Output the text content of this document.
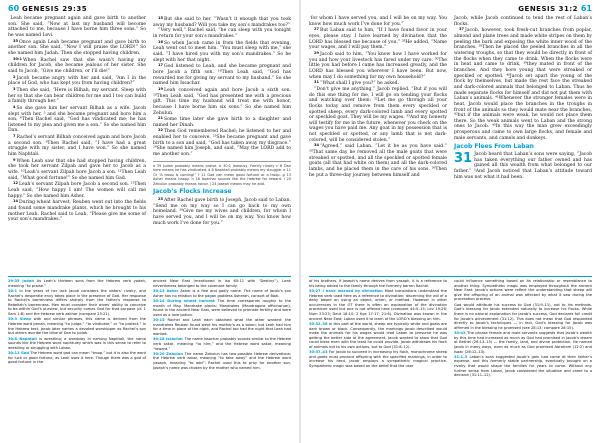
60 GENESIS 29:35

Leah became pregnant again and gave birth to another son. She said, “Now at last my husband will become attached to me, because I have borne him three sons.” So he was named Levi.

$^{35}$Once again Leah became pregnant and gave birth to another son. She said, “Now I will praise the LORD!” So she named him Judah. Then she stopped having children.

$^{30:1}$When Rachel saw that she wasn’t having any children for Jacob, she became jealous of her sister. She said to Jacob, “Give me children, or I’ll die!”

$^2$Jacob became angry with her and said, “Am I in the place of God, who has kept you from having children?”

$^3$Then she said, “Here is Bilhah, my servant. Sleep with her so that she can bear children for me and I too can build a family through her.”

$^4$So she gave him her servant Bilhah as a wife. Jacob slept with her, ⁵ and she became pregnant and bore him a son. ⁶Then Rachel said, “God has vindicated me; he has listened to my plea and given me a son.” So she named him Dan.

$^7$Rachel’s servant Bilhah conceived again and bore Jacob a second son. ⁸Then Rachel said, “I have had a great struggle with my sister, and I have won.” So she named him Naphtali.

$^9$When Leah saw that she had stopped having children, she took her servant Zilpah and gave her to Jacob as a wife. ¹⁰Leah’s servant Zilpah bore Jacob a son. ¹¹Then Leah said, “What good fortune!” So she named him Gad.

$^{12}$Leah’s servant Zilpah bore Jacob a second son. ¹³Then Leah said, “How happy I am! The women will call me happy.” So she named him Asher.

$^{14}$During wheat harvest, Reuben went out into the fields and found some mandrake plants, which he brought to his mother Leah. Rachel said to Leah, “Please give me some of your son’s mandrakes.”

$^{15}$But she said to her, “Wasn’t it enough that you took away my husband? Will you take my son’s mandrakes too?”

“Very well,” Rachel said, “he can sleep with you tonight in return for your son’s mandrakes.”

$^{16}$So when Jacob came in from the fields that evening, Leah went out to meet him. “You must sleep with me,” she said. “I have hired you with my son’s mandrakes.” So he slept with her that night.

$^{17}$God listened to Leah, and she became pregnant and bore Jacob a fifth son. ¹⁸Then Leah said, “God has rewarded me for giving my servant to my husband.” So she named him Issachar.

$^{19}$Leah conceived again and bore Jacob a sixth son. ²⁰Then Leah said, “God has presented me with a precious gift. This time my husband will treat me with honor, because I have borne him six sons.” So she named him Zebulun.

$^{21}$Some time later she gave birth to a daughter and named her Dinah.

$^{22}$Then God remembered Rachel; he listened to her and enabled her to conceive. ²³She became pregnant and gave birth to a son and said, “God has taken away my disgrace.” ²⁴She named him Joseph, and said, “May the LORD add to me another son.”

a 35 Judah probably means praise. b 30:1 Jealousy, Family rivalry c 6 Dan here means he has vindicated. d 8 Naphtali probably means my struggle. e 11 Or “A troop is coming!” f 11 Gad can mean good fortune or a troop. g 13 Asher means happy. h 18 Issachar sounds like the Hebrew for reward. i 20 Zebulun probably means honor. j 24 Joseph means may he add.
Jacob’s Flocks Increase

$^{25}$After Rachel gave birth to Joseph, Jacob said to Laban, “Send me on my way so I can go back to my own homeland. ²⁶Give me my wives and children, for whom I have served you, and I will be on my way. You know how much work I’ve done for you.”

29:35 Judah As Leah’s thirteen sons from the Hebrew verb yadah, meaning “to praise.”

30:1 In the years of her lack Jacob considers the sisters’ rivalry, and Rachel’s desperate envy takes place in the presence of God. Her response to Rachel’s barrenness differs sharply from the father’s response to Rebekah’s barrenness. Men must consider their wives’ ability to conceive to be within God’s purview, but security comes God for that purpose (cf. 1 Sam 1:8) and the Hebrew verb zakhar (compare 25:21).

30:3 Sleep with and similar phrases, this name is derived from the Hebrew word penah, meaning “to judge,” “to vindicate,” or “to protect.” In the Hebrew text, Jacob later names a devoted worshipper as Rachel’s son but others ascribe the tribe of Dan to Judah.

30:8 Naphtali is wrestling; a wordplay in naming Naphtali, the name sounds like the Hebrew word naphtuley which was in this sense to refer to wrestling or struggling with Laban.

30:11 Gad The Hebrew word gad can mean “troop,” but it is also the word for luck or good fortune, as Leah uses it here. Though there was a god of good fortune in the

ancient Near East (mentioned in Isa 65:11 with “Destiny”), Leah nevertheless belonged to the covenant family.

30:13 Asher Asher is a fine and godly name. The name of Jacob’s son Asher has no relation to the pagan goddess Asherah, consort of Baal.

30:14 During wheat harvest The time corresponds roughly to the month of May. Mandrake plants: Mandrakes (Mandragora officinarum), found in the ancient Near East, were believed to promote fertility and were used as a love potion.

30:15 Rachel and Leah each obtained what the other wanted: the mandrakes Reuben found were his mother’s as a token; but Leah had him for a time in place of the night, and Rachel too had the night that Leah had wanted.

30:18 Issachar The name Issachar probably sounds similar to the Hebrew verb sakar, meaning “to hire,” and the Hebrew word sakar, meaning “reward.”

30:20 Zebulun The name Zebulun has two possible Hebrew derivations: the Hebrew verb zabal, meaning “to take away” and the Hebrew word yasaph, meaning “to add”; Rachel used this to pray for another son. Joseph’s name was chosen by the mother who named him.

GENESIS 31:2 61

for whom I have served you, and I will be on my way. You know how much work I’ve done for you.”

$^{27}$But Laban said to him, “If I have found favor in your eyes, please stay. I have learned by divination that the LORD has blessed me because of you.” ²⁸He added, “Name your wages, and I will pay them.”

$^{29}$Jacob said to him, “You know how I have worked for you and how your livestock has fared under my care. ³⁰The little you had before I came has increased greatly, and the LORD has blessed you wherever I have been. But now, when may I do something for my own household?”

$^{31}$“What shall I give you?” he asked.

“Don’t give me anything,” Jacob replied. “But if you will do this one thing for me, I will go on tending your flocks and watching over them: ³²Let me go through all your flocks today and remove from them every speckled or spotted sheep, every dark-colored lamb and every spotted or speckled goat. They will be my wages. ³³And my honesty will testify for me in the future, whenever you check on the wages you have paid me. Any goat in my possession that is not speckled or spotted, or any lamb that is not dark-colored, will be considered stolen.”

$^{34}$“Agreed,” said Laban. “Let it be as you have said.” ³⁵That same day he removed all the male goats that were streaked or spotted, and all the speckled or spotted female goats (all that had white on them) and all the dark-colored lambs, and he placed them in the care of his sons. ³⁶Then he put a three-day journey between himself and

Jacob, while Jacob continued to tend the rest of Laban’s flocks.

$^{37}$Jacob, however, took fresh-cut branches from poplar, almond and plane trees and made white stripes on them by peeling the bark and exposing the white inner wood of the branches. ³⁸Then he placed the peeled branches in all the watering troughs, so that they would be directly in front of the flocks when they came to drink. When the flocks were in heat and came to drink, ³⁹they mated in front of the branches. And they bore young that were streaked or speckled or spotted. ⁴⁰Jacob set apart the young of the flock by themselves, but made the rest face the streaked and dark-colored animals that belonged to Laban. Thus he made separate flocks for himself and did not put them with Laban’s animals. ⁴¹Whenever the stronger females were in heat, Jacob would place the branches in the troughs in front of the animals so they would mate near the branches, ⁴²but if the animals were weak, he would not place them there. So the weak animals went to Laban and the strong ones to Jacob. ⁴³In this way the man grew exceedingly prosperous and came to own large flocks, and female and male servants, and camels and donkeys.

Jacob Flees From Laban
31 Jacob heard that Laban’s sons were saying, “Jacob has taken everything our father owned and has gained all this wealth from what belonged to our father.” ²And Jacob noticed that Laban’s attitude toward him was not what it had been.

of his brothers. If Joseph’s name derives from yasaph, it is a reference to his being added to the family through the formerly barren Rachel.

30:27 I have learned by divination Most translations understand the Hebrew verb used here as a reference to divination: discerning the will of a deity based on using an object, omen, or method. However in other occurrences in the OT there is often an explanation of the divination procedure used but one is not offered here (compare 44:5–15; Lev 19:26; Num 23:23; Deut 18:10; 2 Kgs 17:17; 21:6). Divination was known in the ancient Near East; Laban used it to learn of the LORD’s blessing on him.

30:32–36 In this part of the world, sheep are typically white and goats are dark brown or black. Consequently, the markings Jacob described would make the animals for his wages would lead Laban to presume he was getting the better side of the agreement. Jacob wanted to show that God could bless even with the least he could provide. Jacob withdraws his flock of animals not to his own actions, but to God (31:8–12).

30:37–43 For Jacob to succeed in increasing his flock, monochrome sheep and goats must produce offspring with the specified markings, in order to increase his herd. Jacob employs a sympathetic magical practice. Sympathetic magic was based on the belief that the user

could influence something based on its relationship or resemblance to another thing. Sympathetic magic was employed throughout the ancient Near East. Jacob’s actions were reflect the understanding that sheep will give the offspring of an animal was affected by what it saw during the procreation process.

God would attribute his success to God (31:9–11), not to his methods. God’s blessing for Jacob extended naturally to increase his flocks. While there is no natural explanation for Jacob’s success, God declares full credit for Jacob’s achievement (31:12). This does not mean that God responded directly to Jacob’s techniques — in fact, God’s blessing for Jacob was affirmed in the blessing he promised (see 28:13; compare 28:15).

30:43 The phrase female and male servants suggests that Jacob’s wealth by this time had increased as much as God had promised in Jacob’s dream at Bethel (28:13–15) — the family, land, and divine protection. He named Jacob in many ways, even as much as God promised Abraham (12:2) and Isaac (26:12–13).

31:1–3 Laban’s sons suggested Jacob’s gain had come at their father’s expense, and this formerly stable partnership, eventually brought on a rivalry that would shape the families for years to come. Without any further sense from Laban, Jacob considered the situation and came to a decision (31:11–12).
